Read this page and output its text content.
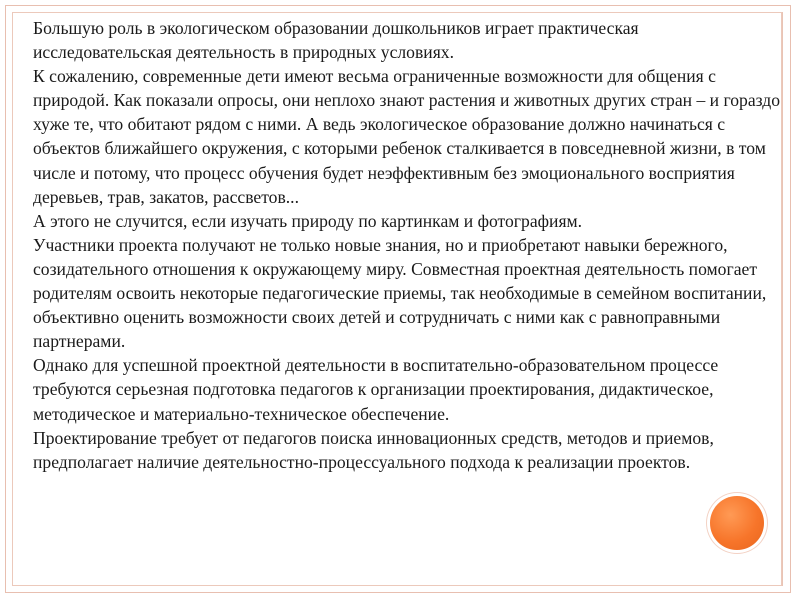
Большую роль в экологическом образовании дошкольников играет практическая исследовательская деятельность в природных условиях.

К сожалению, современные дети имеют весьма ограниченные возможности для общения с природой. Как показали опросы, они неплохо знают растения и животных других стран – и гораздо хуже те, что обитают рядом с ними. А ведь экологическое образование должно начинаться с объектов ближайшего окружения, с которыми ребенок сталкивается в повседневной жизни, в том числе и потому, что процесс обучения будет неэффективным без эмоционального восприятия деревьев, трав, закатов, рассветов...

А этого не случится, если изучать природу по картинкам и фотографиям.

Участники проекта получают не только новые знания, но и приобретают навыки бережного, созидательного отношения к окружающему миру. Совместная проектная деятельность помогает родителям освоить некоторые педагогические приемы, так необходимые в семейном воспитании, объективно оценить возможности своих детей и сотрудничать с ними как с равноправными партнерами.

Однако для успешной проектной деятельности в воспитательно-образовательном процессе требуются серьезная подготовка педагогов к организации проектирования, дидактическое, методическое и материально-техническое обеспечение.

Проектирование требует от педагогов поиска инновационных средств, методов и приемов, предполагает наличие деятельностно-процессуального подхода к реализации проектов.
